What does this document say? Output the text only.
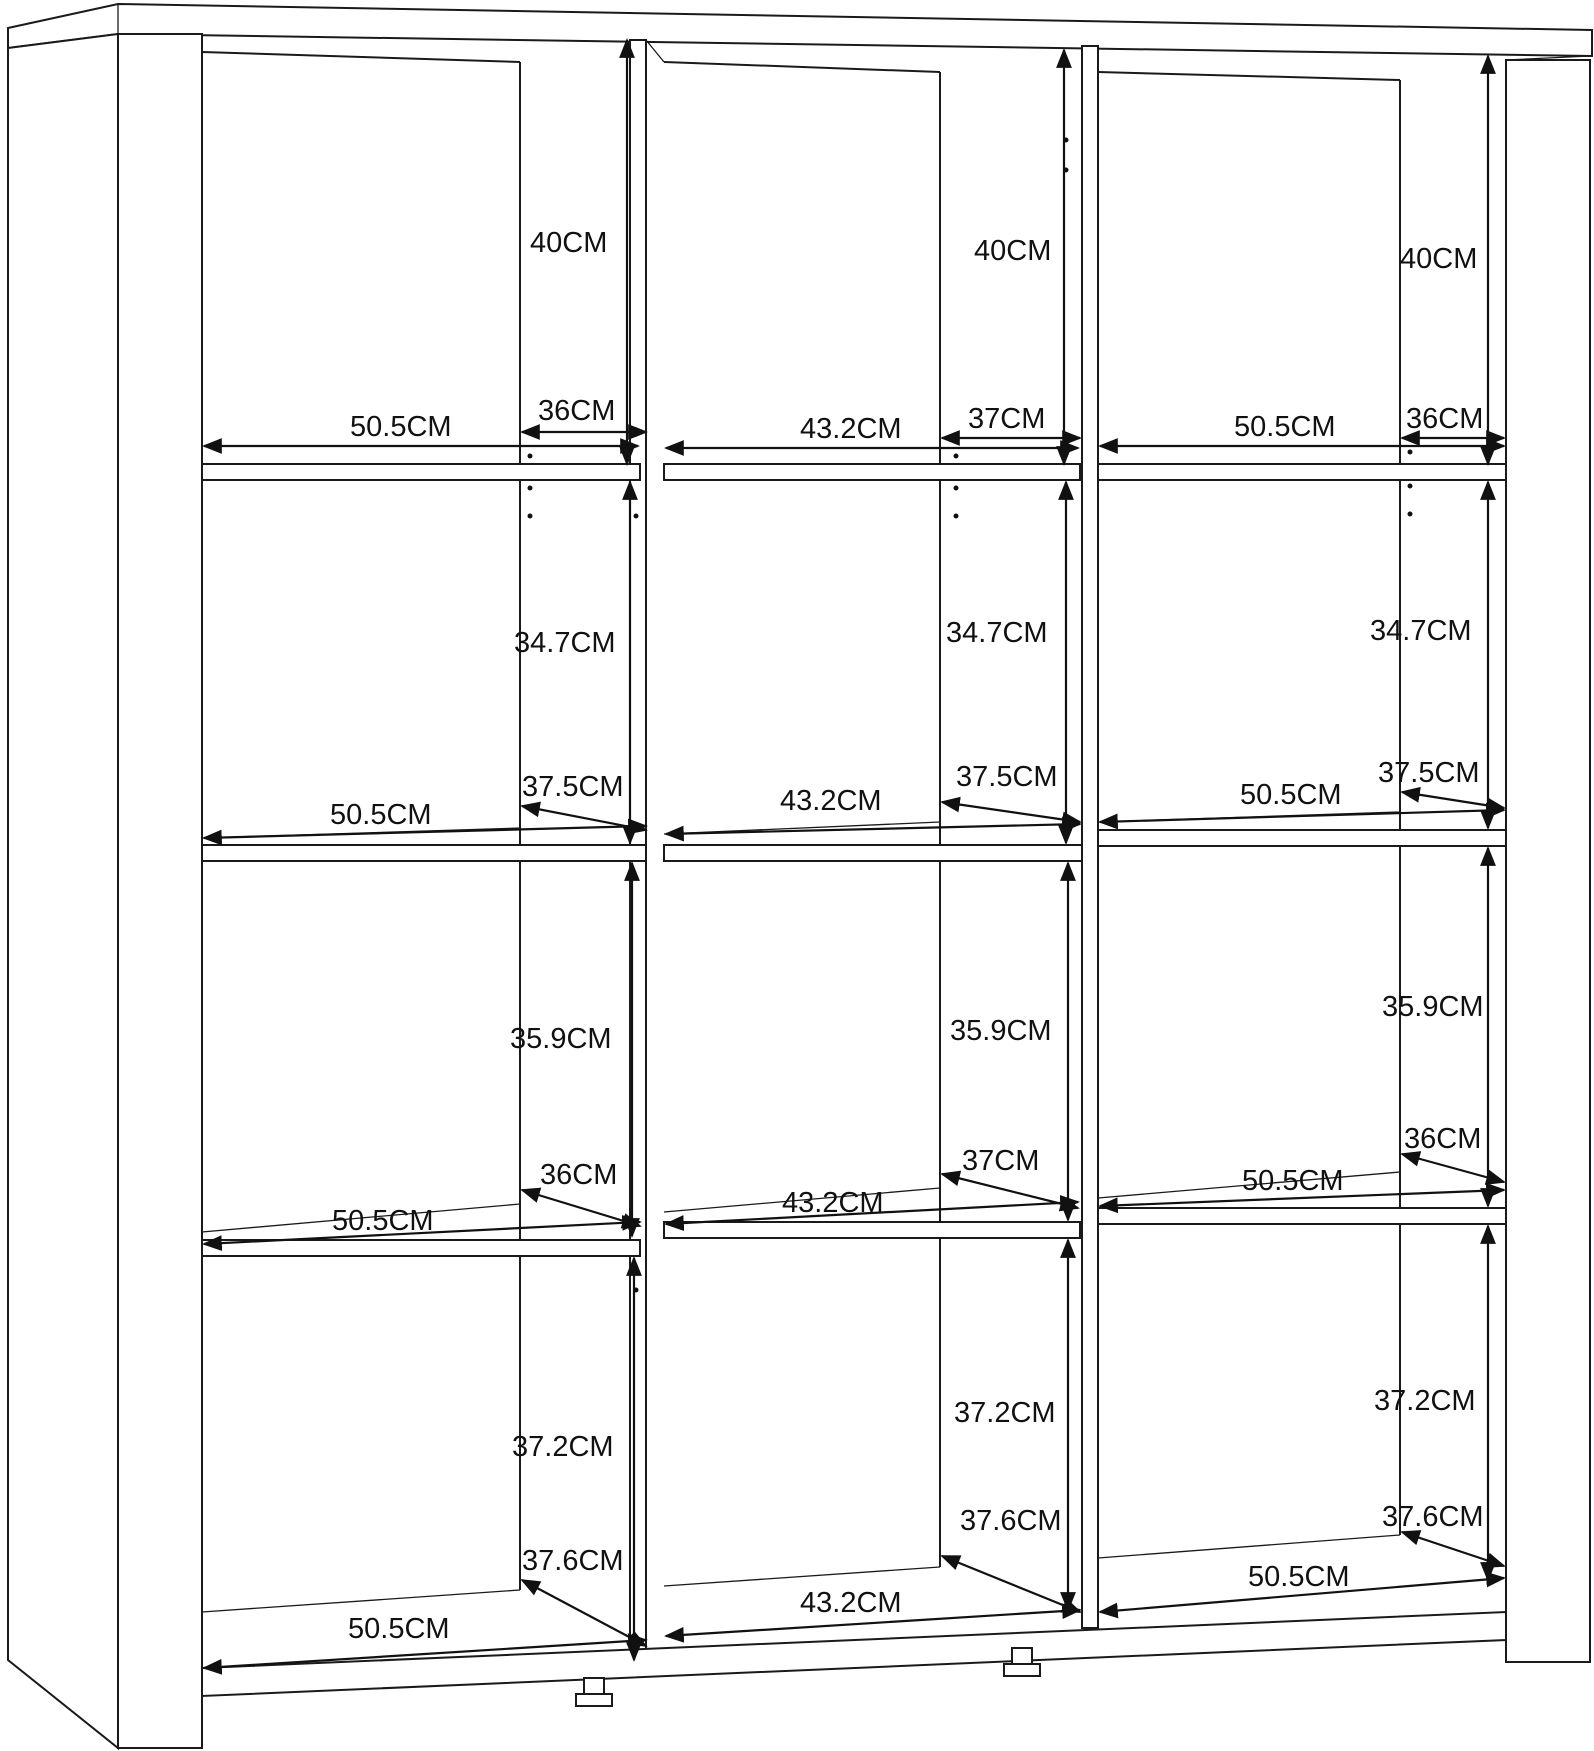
40CM	40CM	40CM
50.5CM	43.2CM	50.5CM
36CM	37CM	36CM
34.7CM	34.7CM	34.7CM
50.5CM	43.2CM	50.5CM
37.5CM	37.5CM	37.5CM
35.9CM	35.9CM
35.9CM
50.5CM
43.2CM
50.5CM
36CM	37CM
36CM
37.2CM
37.2CM	37.2CM
50.5CM
43.2CM
50.5CM
37.6CM
37.6CM	37.6CM
